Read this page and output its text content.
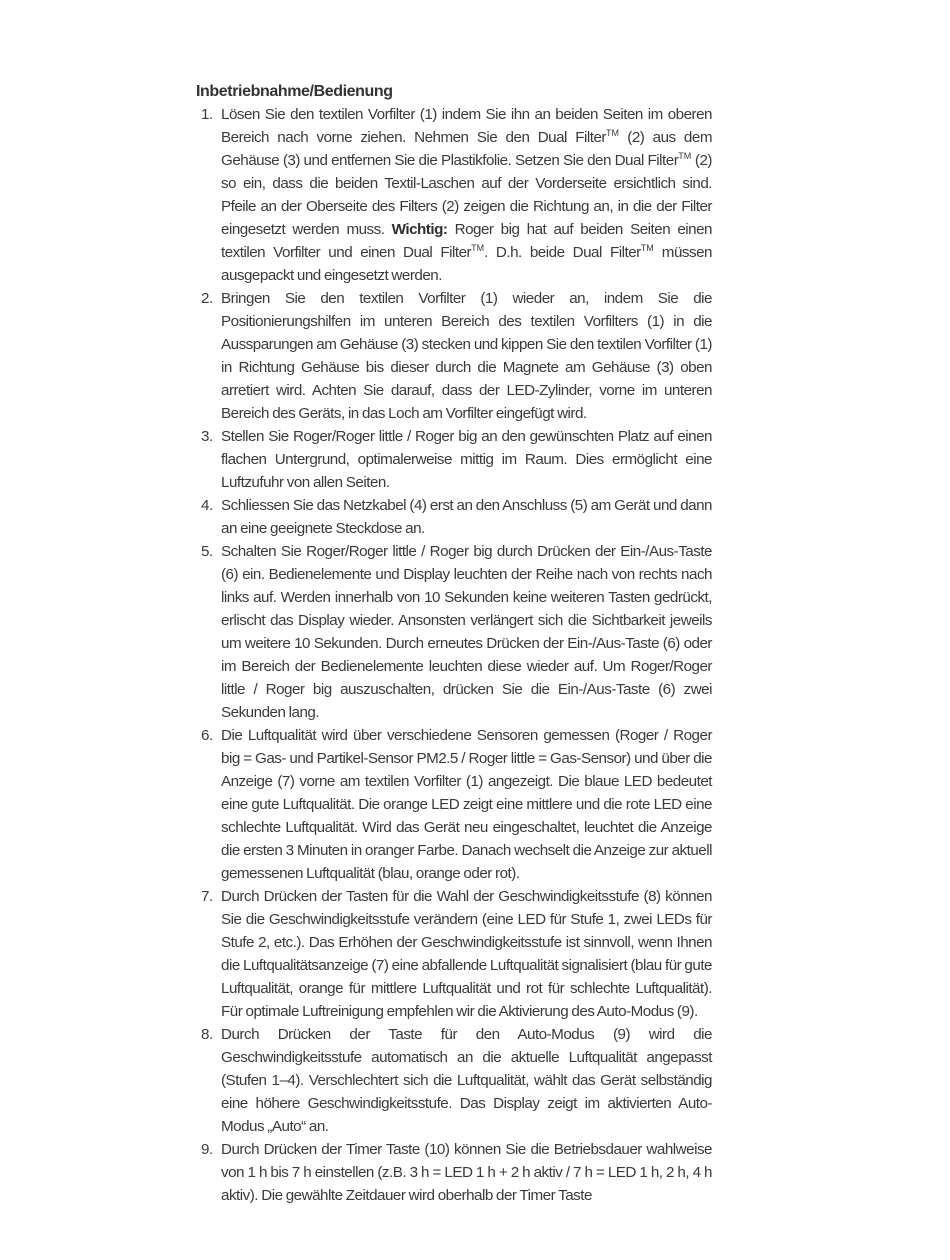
Inbetriebnahme/Bedienung
1. Lösen Sie den textilen Vorfilter (1) indem Sie ihn an beiden Seiten im oberen Bereich nach vorne ziehen. Nehmen Sie den Dual Filter™ (2) aus dem Gehäuse (3) und entfernen Sie die Plastikfolie. Setzen Sie den Dual Filter™ (2) so ein, dass die beiden Textil-Laschen auf der Vorderseite ersichtlich sind. Pfeile an der Oberseite des Filters (2) zeigen die Richtung an, in die der Filter eingesetzt werden muss. Wichtig: Roger big hat auf beiden Seiten einen textilen Vorfilter und einen Dual Filter™. D.h. beide Dual Filter™ müssen ausgepackt und eingesetzt werden.
2. Bringen Sie den textilen Vorfilter (1) wieder an, indem Sie die Positionierungshilfen im unteren Bereich des textilen Vorfilters (1) in die Aussparungen am Gehäuse (3) stecken und kippen Sie den textilen Vorfilter (1) in Richtung Gehäuse bis dieser durch die Magnete am Gehäuse (3) oben arretiert wird. Achten Sie darauf, dass der LED-Zylinder, vorne im unteren Bereich des Geräts, in das Loch am Vorfilter eingefügt wird.
3. Stellen Sie Roger/Roger little / Roger big an den gewünschten Platz auf einen flachen Untergrund, optimalerweise mittig im Raum. Dies ermöglicht eine Luftzufuhr von allen Seiten.
4. Schliessen Sie das Netzkabel (4) erst an den Anschluss (5) am Gerät und dann an eine geeignete Steckdose an.
5. Schalten Sie Roger/Roger little / Roger big durch Drücken der Ein-/Aus-Taste (6) ein. Bedienelemente und Display leuchten der Reihe nach von rechts nach links auf. Werden innerhalb von 10 Sekunden keine weiteren Tasten gedrückt, erlischt das Display wieder. Ansonsten verlängert sich die Sichtbarkeit jeweils um weitere 10 Sekunden. Durch erneutes Drücken der Ein-/Aus-Taste (6) oder im Bereich der Bedienelemente leuchten diese wieder auf. Um Roger/Roger little / Roger big auszuschalten, drücken Sie die Ein-/Aus-Taste (6) zwei Sekunden lang.
6. Die Luftqualität wird über verschiedene Sensoren gemessen (Roger / Roger big = Gas- und Partikel-Sensor PM2.5 / Roger little = Gas-Sensor) und über die Anzeige (7) vorne am textilen Vorfilter (1) angezeigt. Die blaue LED bedeutet eine gute Luftqualität. Die orange LED zeigt eine mittlere und die rote LED eine schlechte Luftqualität. Wird das Gerät neu eingeschaltet, leuchtet die Anzeige die ersten 3 Minuten in oranger Farbe. Danach wechselt die Anzeige zur aktuell gemessenen Luftqualität (blau, orange oder rot).
7. Durch Drücken der Tasten für die Wahl der Geschwindigkeitsstufe (8) können Sie die Geschwindigkeitsstufe verändern (eine LED für Stufe 1, zwei LEDs für Stufe 2, etc.). Das Erhöhen der Geschwindigkeitsstufe ist sinnvoll, wenn Ihnen die Luftqualitätsanzeige (7) eine abfallende Luftqualität signalisiert (blau für gute Luftqualität, orange für mittlere Luftqualität und rot für schlechte Luftqualität). Für optimale Luftreinigung empfehlen wir die Aktivierung des Auto-Modus (9).
8. Durch Drücken der Taste für den Auto-Modus (9) wird die Geschwindigkeitsstufe automatisch an die aktuelle Luftqualität angepasst (Stufen 1–4). Verschlechtert sich die Luftqualität, wählt das Gerät selbständig eine höhere Geschwindigkeitsstufe. Das Display zeigt im aktivierten Auto-Modus „Auto“ an.
9. Durch Drücken der Timer Taste (10) können Sie die Betriebsdauer wahlweise von 1 h bis 7 h einstellen (z.B. 3 h = LED 1 h + 2 h aktiv / 7 h = LED 1 h, 2 h, 4 h aktiv). Die gewählte Zeitdauer wird oberhalb der Timer Taste
